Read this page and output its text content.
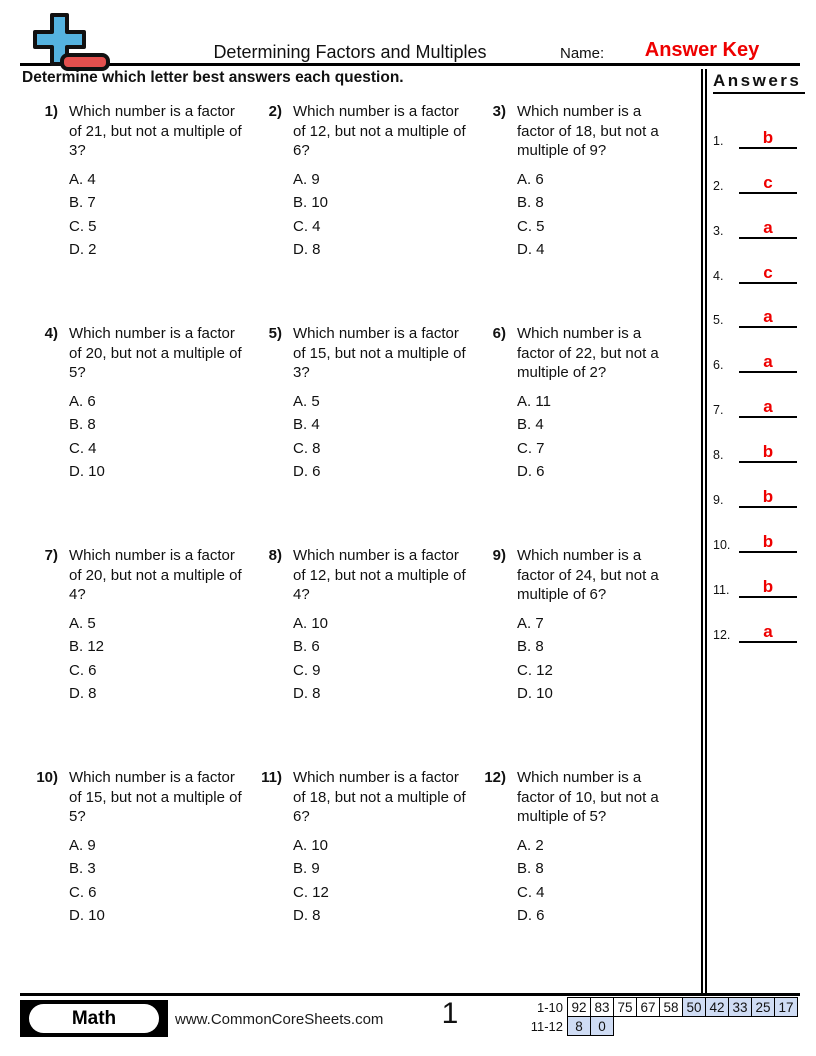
Determining Factors and Multiples	Name:	Answer Key
Determine which letter best answers each question.
1) Which number is a factor of 21, but not a multiple of 3?
A. 4
B. 7
C. 5
D. 2
2) Which number is a factor of 12, but not a multiple of 6?
A. 9
B. 10
C. 4
D. 8
3) Which number is a factor of 18, but not a multiple of 9?
A. 6
B. 8
C. 5
D. 4
4) Which number is a factor of 20, but not a multiple of 5?
A. 6
B. 8
C. 4
D. 10
5) Which number is a factor of 15, but not a multiple of 3?
A. 5
B. 4
C. 8
D. 6
6) Which number is a factor of 22, but not a multiple of 2?
A. 11
B. 4
C. 7
D. 6
7) Which number is a factor of 20, but not a multiple of 4?
A. 5
B. 12
C. 6
D. 8
8) Which number is a factor of 12, but not a multiple of 4?
A. 10
B. 6
C. 9
D. 8
9) Which number is a factor of 24, but not a multiple of 6?
A. 7
B. 8
C. 12
D. 10
10) Which number is a factor of 15, but not a multiple of 5?
A. 9
B. 3
C. 6
D. 10
11) Which number is a factor of 18, but not a multiple of 6?
A. 10
B. 9
C. 12
D. 8
12) Which number is a factor of 10, but not a multiple of 5?
A. 2
B. 8
C. 4
D. 6
Answers
1.	b
2.	c
3.	a
4.	c
5.	a
6.	a
7.	a
8.	b
9.	b
10.	b
11.	b
12.	a
Math	www.CommonCoreSheets.com	1	1-10	92	83	75	67	58	50	42	33	25	17
11-12	8	0								
